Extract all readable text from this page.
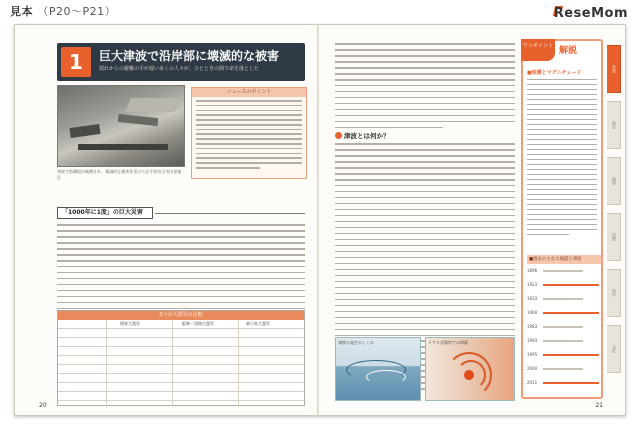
見本 （P20〜P21）	ReseMom
1	巨大津波で沿岸部に壊滅的な被害
揺れからの避難の手が遅い多くの人々が、ひとときの間で命を落とした
津波で防潮堤が破壊され、壊滅的な被害を受けた岩手県宮古市田老地区
ニュースのポイント
「1000年に1度」の巨大災害
3つの大震災の比較
関東大震災	阪神・淡路大震災	東日本大震災
20
津波とは何か？
津波の発生のしくみ	リアス式海岸での津波
ワンポイント 解説
■地震とマグニチュード
■過去の主な大地震と津波
1896
1923
1933
1960
1983
1993
1995
2004
2011
社会
政治
経済
国際
科学
文化
21
